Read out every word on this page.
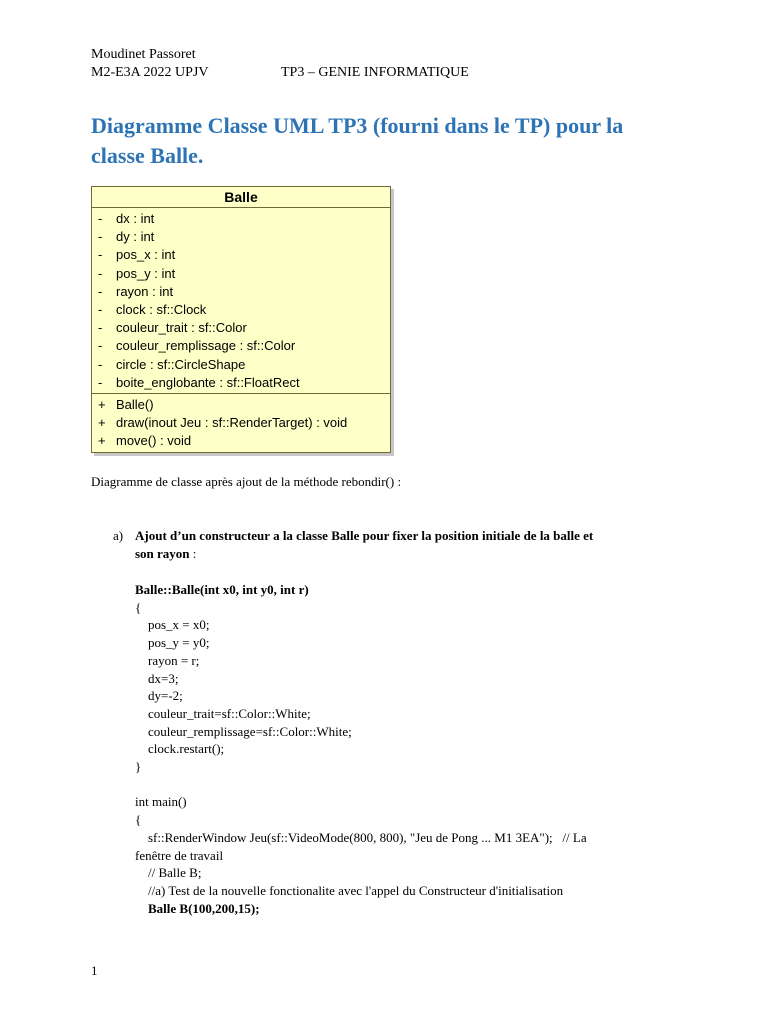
Moudinet Passoret
M2-E3A 2022 UPJV	TP3 – GENIE INFORMATIQUE
Diagramme Classe UML TP3 (fourni dans le TP) pour la
classe Balle.
Balle
-	dx : int
-	dy : int
-	pos_x : int
-	pos_y : int
-	rayon : int
-	clock : sf::Clock
-	couleur_trait : sf::Color
-	couleur_remplissage : sf::Color
-	circle : sf::CircleShape
-	boite_englobante : sf::FloatRect
+ Balle()
+ draw(inout Jeu : sf::RenderTarget) : void
+ move() : void
Diagramme de classe après ajout de la méthode rebondir() :
a) Ajout d’un constructeur a la classe Balle pour fixer la position initiale de la balle et
son rayon :
Balle::Balle(int x0, int y0, int r)
{
pos_x = x0;
pos_y = y0;
rayon = r;
dx=3;
dy=-2;
couleur_trait=sf::Color::White;
couleur_remplissage=sf::Color::White;
clock.restart();
}
int main()
{
sf::RenderWindow Jeu(sf::VideoMode(800, 800), "Jeu de Pong ... M1 3EA");   // La
fenêtre de travail
// Balle B;
//a) Test de la nouvelle fonctionalite avec l'appel du Constructeur d'initialisation
Balle B(100,200,15);
1
